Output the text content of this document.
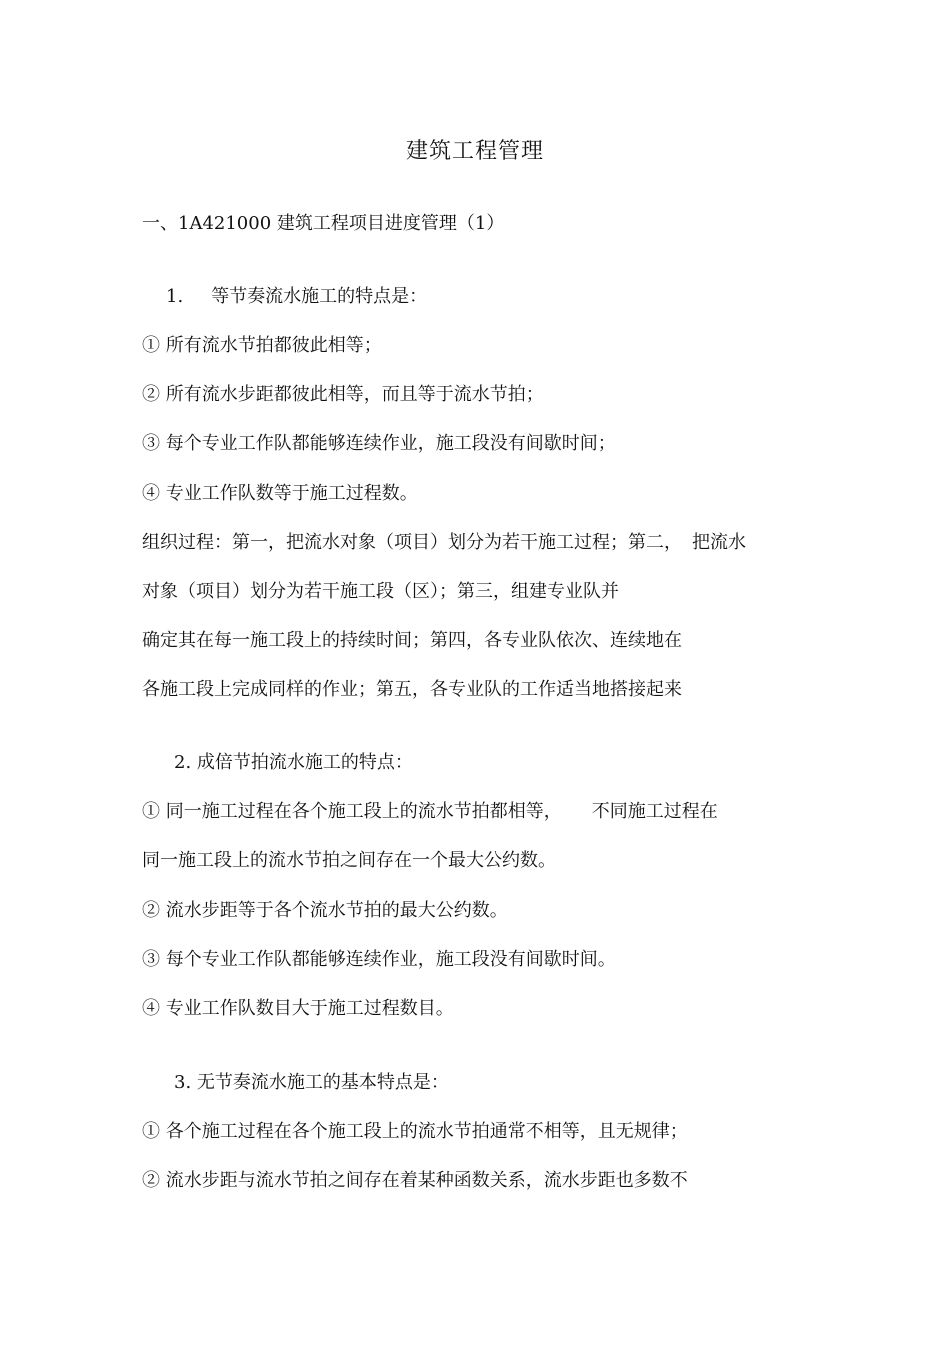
建筑工程管理
一、1A421000 建筑工程项目进度管理（1）
1. 等节奏流水施工的特点是：
① 所有流水节拍都彼此相等；
② 所有流水步距都彼此相等，而且等于流水节拍；
③ 每个专业工作队都能够连续作业，施工段没有间歇时间；
④ 专业工作队数等于施工过程数。
组织过程：第一，把流水对象（项目）划分为若干施工过程；第二， 把流水
对象（项目）划分为若干施工段（区）；第三，组建专业队并
确定其在每一施工段上的持续时间；第四，各专业队依次、连续地在
各施工段上完成同样的作业；第五，各专业队的工作适当地搭接起来
2. 成倍节拍流水施工的特点：
① 同一施工过程在各个施工段上的流水节拍都相等， 不同施工过程在
同一施工段上的流水节拍之间存在一个最大公约数。
② 流水步距等于各个流水节拍的最大公约数。
③ 每个专业工作队都能够连续作业，施工段没有间歇时间。
④ 专业工作队数目大于施工过程数目。
3. 无节奏流水施工的基本特点是：
① 各个施工过程在各个施工段上的流水节拍通常不相等，且无规律；
② 流水步距与流水节拍之间存在着某种函数关系，流水步距也多数不
